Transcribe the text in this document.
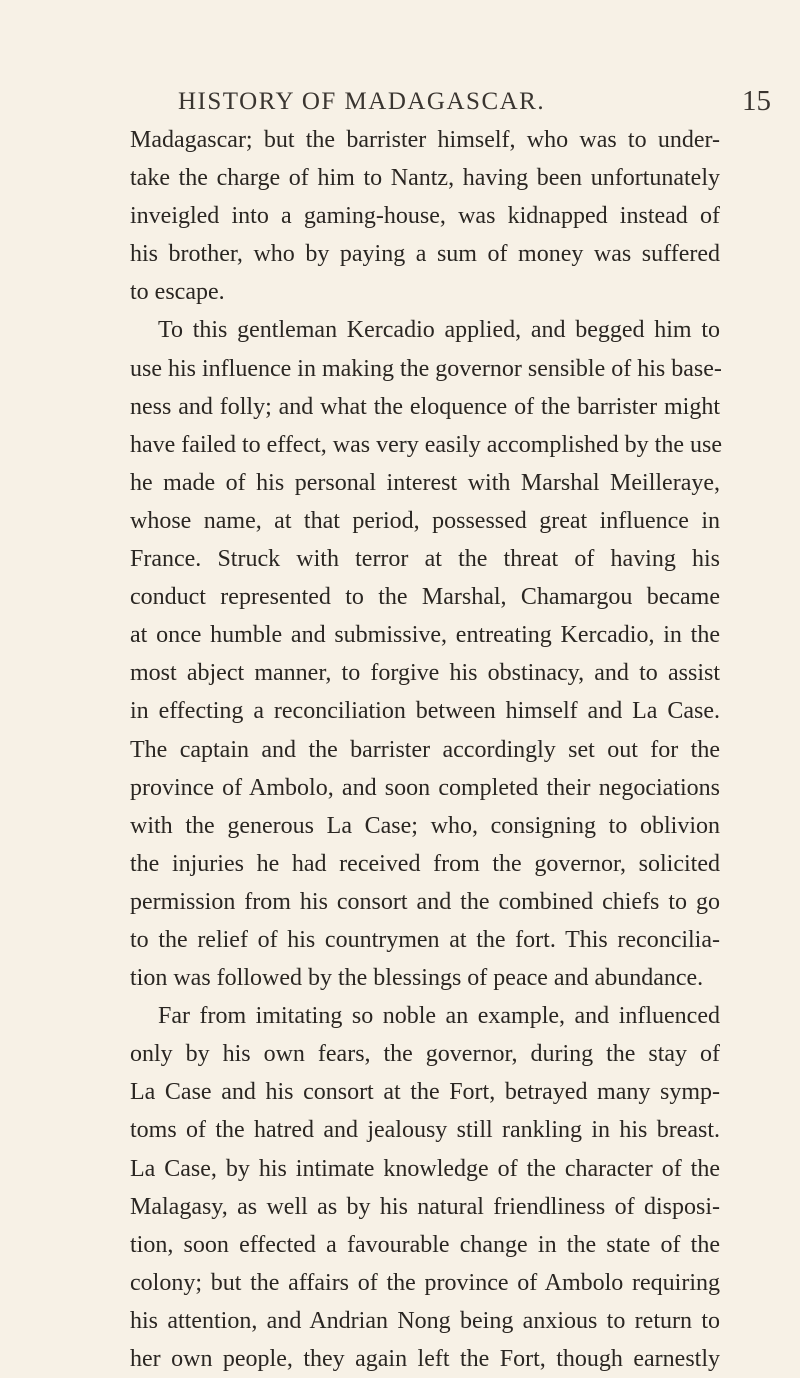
HISTORY OF MADAGASCAR.	15
Madagascar; but the barrister himself, who was to under-
take the charge of him to Nantz, having been unfortunately
inveigled into a gaming-house, was kidnapped instead of
his brother, who by paying a sum of money was suffered
to escape.
To this gentleman Kercadio applied, and begged him to
use his influence in making the governor sensible of his base-
ness and folly; and what the eloquence of the barrister might
have failed to effect, was very easily accomplished by the use
he made of his personal interest with Marshal Meilleraye,
whose name, at that period, possessed great influence in
France. Struck with terror at the threat of having his
conduct represented to the Marshal, Chamargou became
at once humble and submissive, entreating Kercadio, in the
most abject manner, to forgive his obstinacy, and to assist
in effecting a reconciliation between himself and La Case.
The captain and the barrister accordingly set out for the
province of Ambolo, and soon completed their negociations
with the generous La Case; who, consigning to oblivion
the injuries he had received from the governor, solicited
permission from his consort and the combined chiefs to go
to the relief of his countrymen at the fort. This reconcilia-
tion was followed by the blessings of peace and abundance.
Far from imitating so noble an example, and influenced
only by his own fears, the governor, during the stay of
La Case and his consort at the Fort, betrayed many symp-
toms of the hatred and jealousy still rankling in his breast.
La Case, by his intimate knowledge of the character of the
Malagasy, as well as by his natural friendliness of disposi-
tion, soon effected a favourable change in the state of the
colony; but the affairs of the province of Ambolo requiring
his attention, and Andrian Nong being anxious to return to
her own people, they again left the Fort, though earnestly
